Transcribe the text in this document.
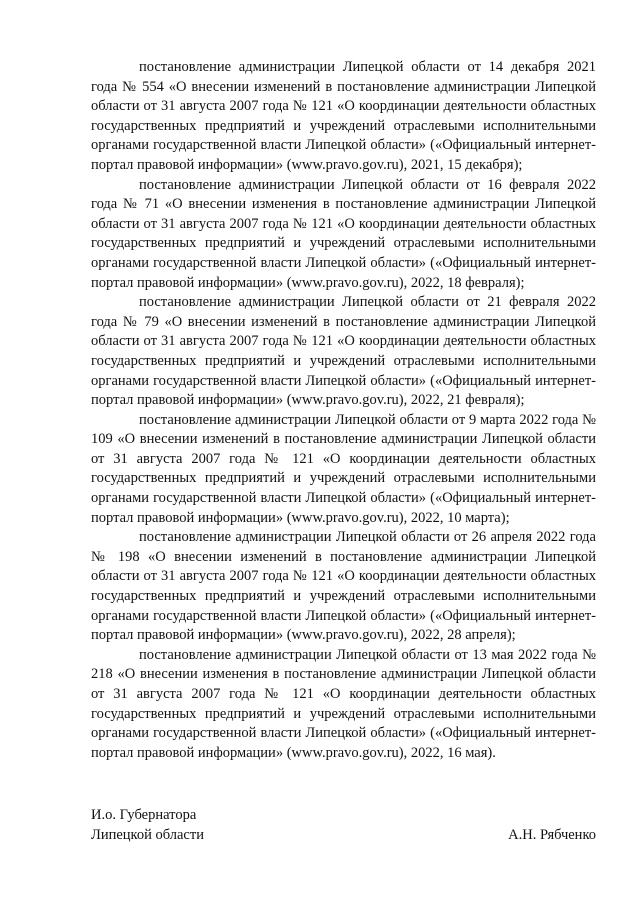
постановление администрации Липецкой области от 14 декабря 2021 года № 554 «О внесении изменений в постановление администрации Липецкой области от 31 августа 2007 года № 121 «О координации деятельности областных государственных предприятий и учреждений отраслевыми исполнительными органами государственной власти Липецкой области» («Официальный интернет-портал правовой информации» (www.pravo.gov.ru), 2021, 15 декабря);

постановление администрации Липецкой области от 16 февраля 2022 года № 71 «О внесении изменения в постановление администрации Липецкой области от 31 августа 2007 года № 121 «О координации деятельности областных государственных предприятий и учреждений отраслевыми исполнительными органами государственной власти Липецкой области» («Официальный интернет-портал правовой информации» (www.pravo.gov.ru), 2022, 18 февраля);

постановление администрации Липецкой области от 21 февраля 2022 года № 79 «О внесении изменений в постановление администрации Липецкой области от 31 августа 2007 года № 121 «О координации деятельности областных государственных предприятий и учреждений отраслевыми исполнительными органами государственной власти Липецкой области» («Официальный интернет-портал правовой информации» (www.pravo.gov.ru), 2022, 21 февраля);

постановление администрации Липецкой области от 9 марта 2022 года № 109 «О внесении изменений в постановление администрации Липецкой области от 31 августа 2007 года № 121 «О координации деятельности областных государственных предприятий и учреждений отраслевыми исполнительными органами государственной власти Липецкой области» («Официальный интернет-портал правовой информации» (www.pravo.gov.ru), 2022, 10 марта);

постановление администрации Липецкой области от 26 апреля 2022 года № 198 «О внесении изменений в постановление администрации Липецкой области от 31 августа 2007 года № 121 «О координации деятельности областных государственных предприятий и учреждений отраслевыми исполнительными органами государственной власти Липецкой области» («Официальный интернет-портал правовой информации» (www.pravo.gov.ru), 2022, 28 апреля);

постановление администрации Липецкой области от 13 мая 2022 года № 218 «О внесении изменения в постановление администрации Липецкой области от 31 августа 2007 года № 121 «О координации деятельности областных государственных предприятий и учреждений отраслевыми исполнительными органами государственной власти Липецкой области» («Официальный интернет-портал правовой информации» (www.pravo.gov.ru), 2022, 16 мая).

И.о. Губернатора
Липецкой области	А.Н. Рябченко
